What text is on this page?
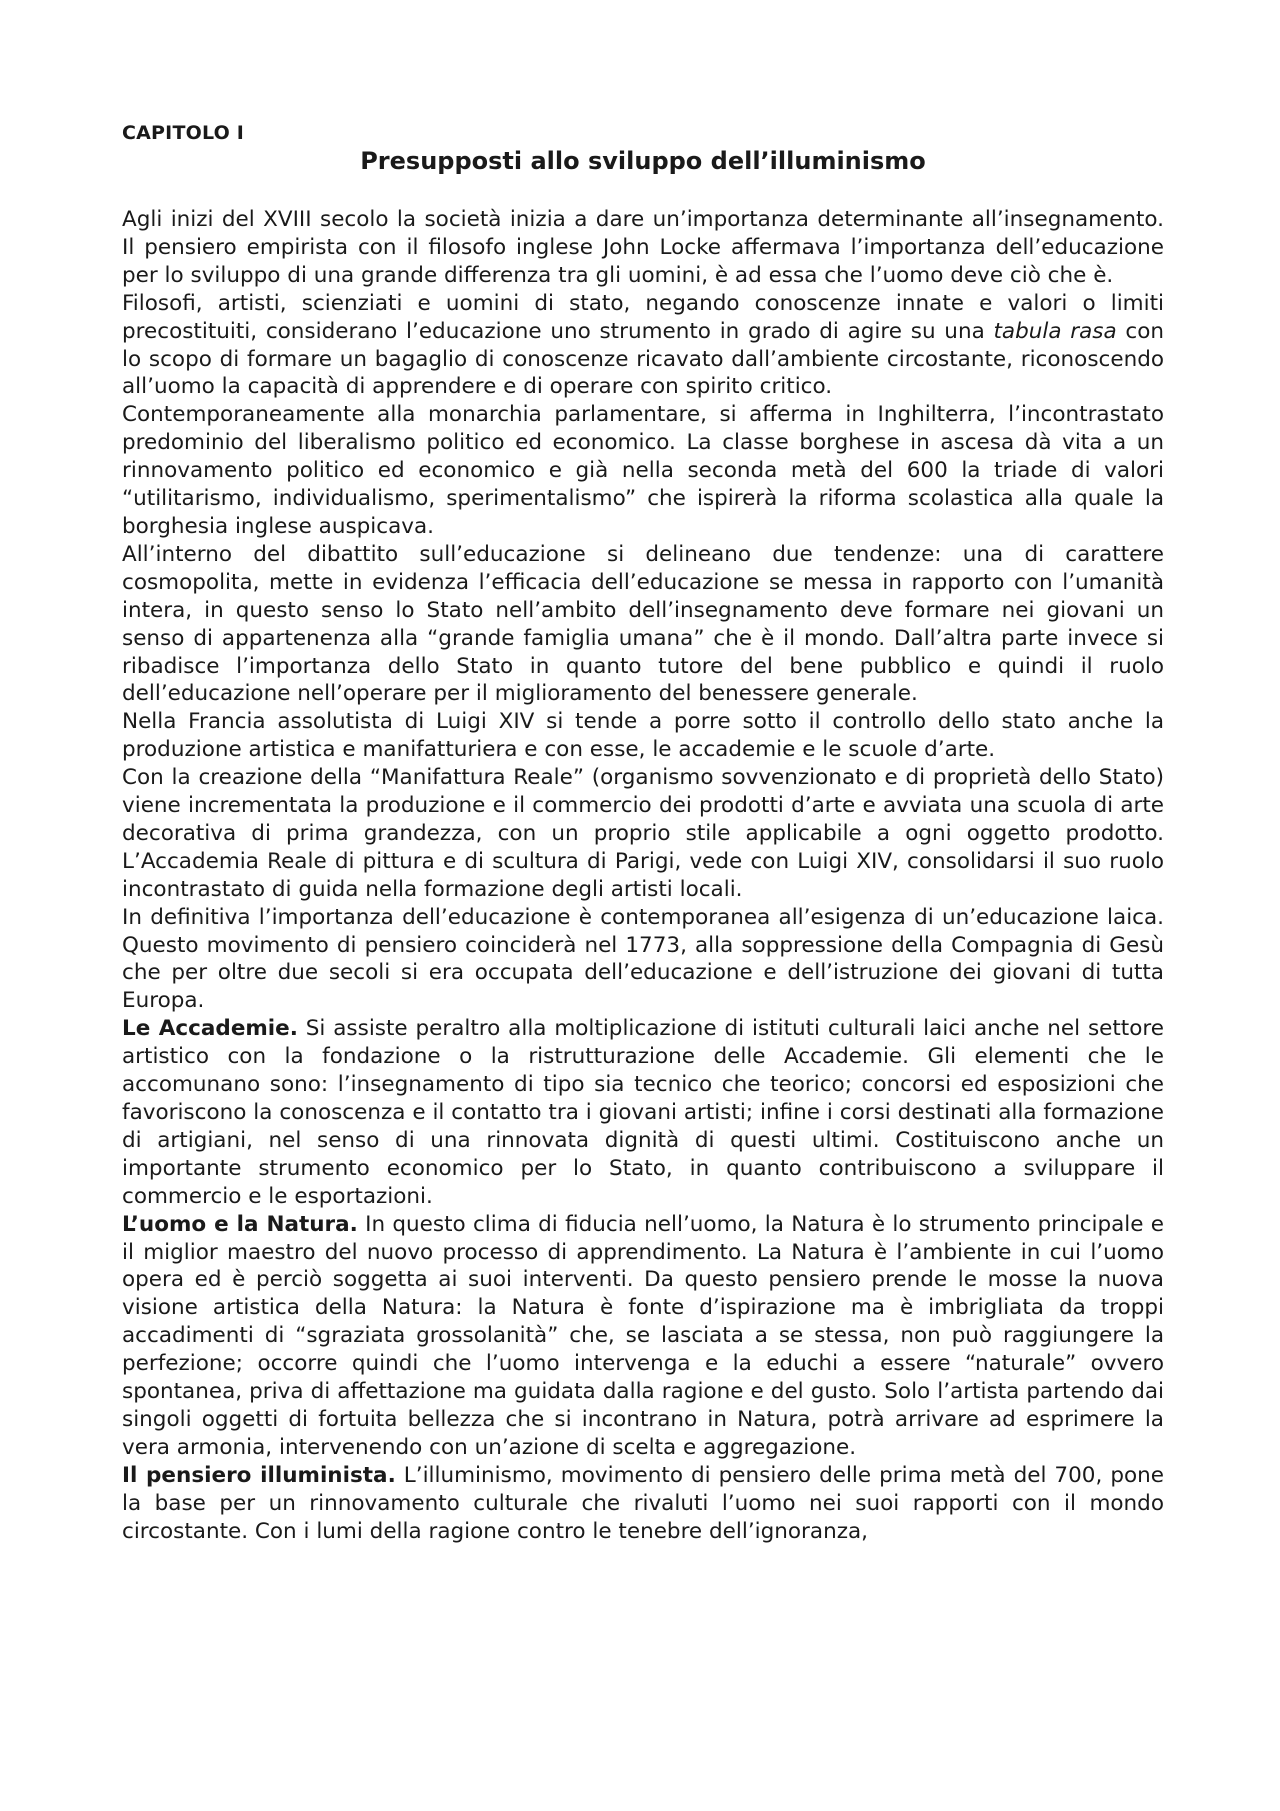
CAPITOLO I

Presupposti allo sviluppo dell’illuminismo

Agli inizi del XVIII secolo la società inizia a dare un’importanza determinante all’insegnamento. Il pensiero empirista con il filosofo inglese John Locke affermava l’importanza dell’educazione per lo sviluppo di una grande differenza tra gli uomini, è ad essa che l’uomo deve ciò che è.

Filosofi, artisti, scienziati e uomini di stato, negando conoscenze innate e valori o limiti precostituiti, considerano l’educazione uno strumento in grado di agire su una tabula rasa con lo scopo di formare un bagaglio di conoscenze ricavato dall’ambiente circostante, riconoscendo all’uomo la capacità di apprendere e di operare con spirito critico.

Contemporaneamente alla monarchia parlamentare, si afferma in Inghilterra, l’incontrastato predominio del liberalismo politico ed economico. La classe borghese in ascesa dà vita a un rinnovamento politico ed economico e già nella seconda metà del 600 la triade di valori “utilitarismo, individualismo, sperimentalismo” che ispirerà la riforma scolastica alla quale la borghesia inglese auspicava.

All’interno del dibattito sull’educazione si delineano due tendenze: una di carattere cosmopolita, mette in evidenza l’efficacia dell’educazione se messa in rapporto con l’umanità intera, in questo senso lo Stato nell’ambito dell’insegnamento deve formare nei giovani un senso di appartenenza alla “grande famiglia umana” che è il mondo. Dall’altra parte invece si ribadisce l’importanza dello Stato in quanto tutore del bene pubblico e quindi il ruolo dell’educazione nell’operare per il miglioramento del benessere generale.

Nella Francia assolutista di Luigi XIV si tende a porre sotto il controllo dello stato anche la produzione artistica e manifatturiera e con esse, le accademie e le scuole d’arte.

Con la creazione della “Manifattura Reale” (organismo sovvenzionato e di proprietà dello Stato) viene incrementata la produzione e il commercio dei prodotti d’arte e avviata una scuola di arte decorativa di prima grandezza, con un proprio stile applicabile a ogni oggetto prodotto. L’Accademia Reale di pittura e di scultura di Parigi, vede con Luigi XIV, consolidarsi il suo ruolo incontrastato di guida nella formazione degli artisti locali.

In definitiva l’importanza dell’educazione è contemporanea all’esigenza di un’educazione laica. Questo movimento di pensiero coinciderà nel 1773, alla soppressione della Compagnia di Gesù che per oltre due secoli si era occupata dell’educazione e dell’istruzione dei giovani di tutta Europa.

Le Accademie. Si assiste peraltro alla moltiplicazione di istituti culturali laici anche nel settore artistico con la fondazione o la ristrutturazione delle Accademie. Gli elementi che le accomunano sono: l’insegnamento di tipo sia tecnico che teorico; concorsi ed esposizioni che favoriscono la conoscenza e il contatto tra i giovani artisti; infine i corsi destinati alla formazione di artigiani, nel senso di una rinnovata dignità di questi ultimi. Costituiscono anche un importante strumento economico per lo Stato, in quanto contribuiscono a sviluppare il commercio e le esportazioni.

L’uomo e la Natura. In questo clima di fiducia nell’uomo, la Natura è lo strumento principale e il miglior maestro del nuovo processo di apprendimento. La Natura è l’ambiente in cui l’uomo opera ed è perciò soggetta ai suoi interventi. Da questo pensiero prende le mosse la nuova visione artistica della Natura: la Natura è fonte d’ispirazione ma è imbrigliata da troppi accadimenti di “sgraziata grossolanità” che, se lasciata a se stessa, non può raggiungere la perfezione; occorre quindi che l’uomo intervenga e la educhi a essere “naturale” ovvero spontanea, priva di affettazione ma guidata dalla ragione e del gusto. Solo l’artista partendo dai singoli oggetti di fortuita bellezza che si incontrano in Natura, potrà arrivare ad esprimere la vera armonia, intervenendo con un’azione di scelta e aggregazione.

Il pensiero illuminista. L’illuminismo, movimento di pensiero delle prima metà del 700, pone la base per un rinnovamento culturale che rivaluti l’uomo nei suoi rapporti con il mondo circostante. Con i lumi della ragione contro le tenebre dell’ignoranza,
